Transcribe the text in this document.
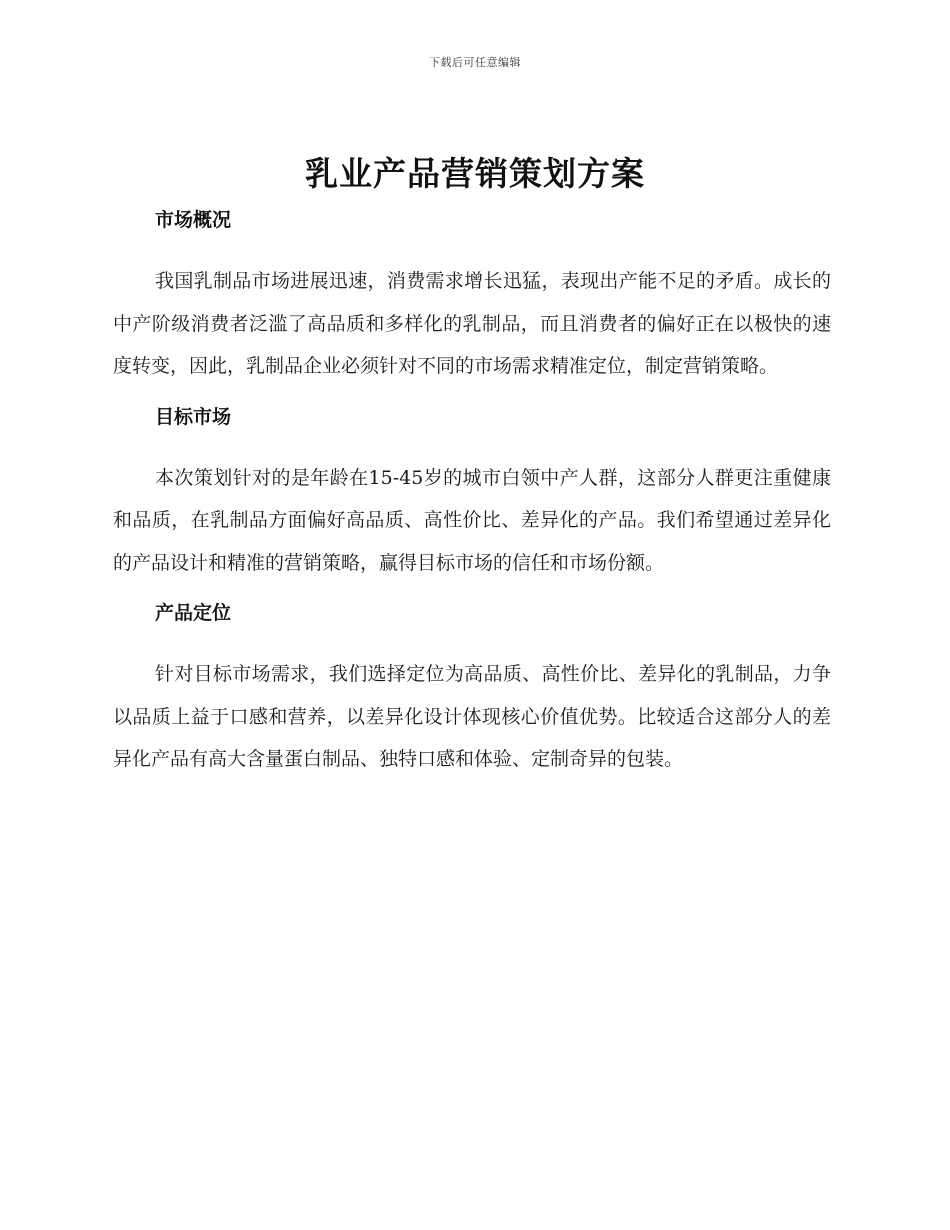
下载后可任意编辑
乳业产品营销策划方案
市场概况

我国乳制品市场进展迅速，消费需求增长迅猛，表现出产能不足的矛盾。成长的中产阶级消费者泛滥了高品质和多样化的乳制品，而且消费者的偏好正在以极快的速度转变，因此，乳制品企业必须针对不同的市场需求精准定位，制定营销策略。

目标市场

本次策划针对的是年龄在15-45岁的城市白领中产人群，这部分人群更注重健康和品质，在乳制品方面偏好高品质、高性价比、差异化的产品。我们希望通过差异化的产品设计和精准的营销策略，赢得目标市场的信任和市场份额。

产品定位

针对目标市场需求，我们选择定位为高品质、高性价比、差异化的乳制品，力争以品质上益于口感和营养，以差异化设计体现核心价值优势。比较适合这部分人的差异化产品有高大含量蛋白制品、独特口感和体验、定制奇异的包装。
